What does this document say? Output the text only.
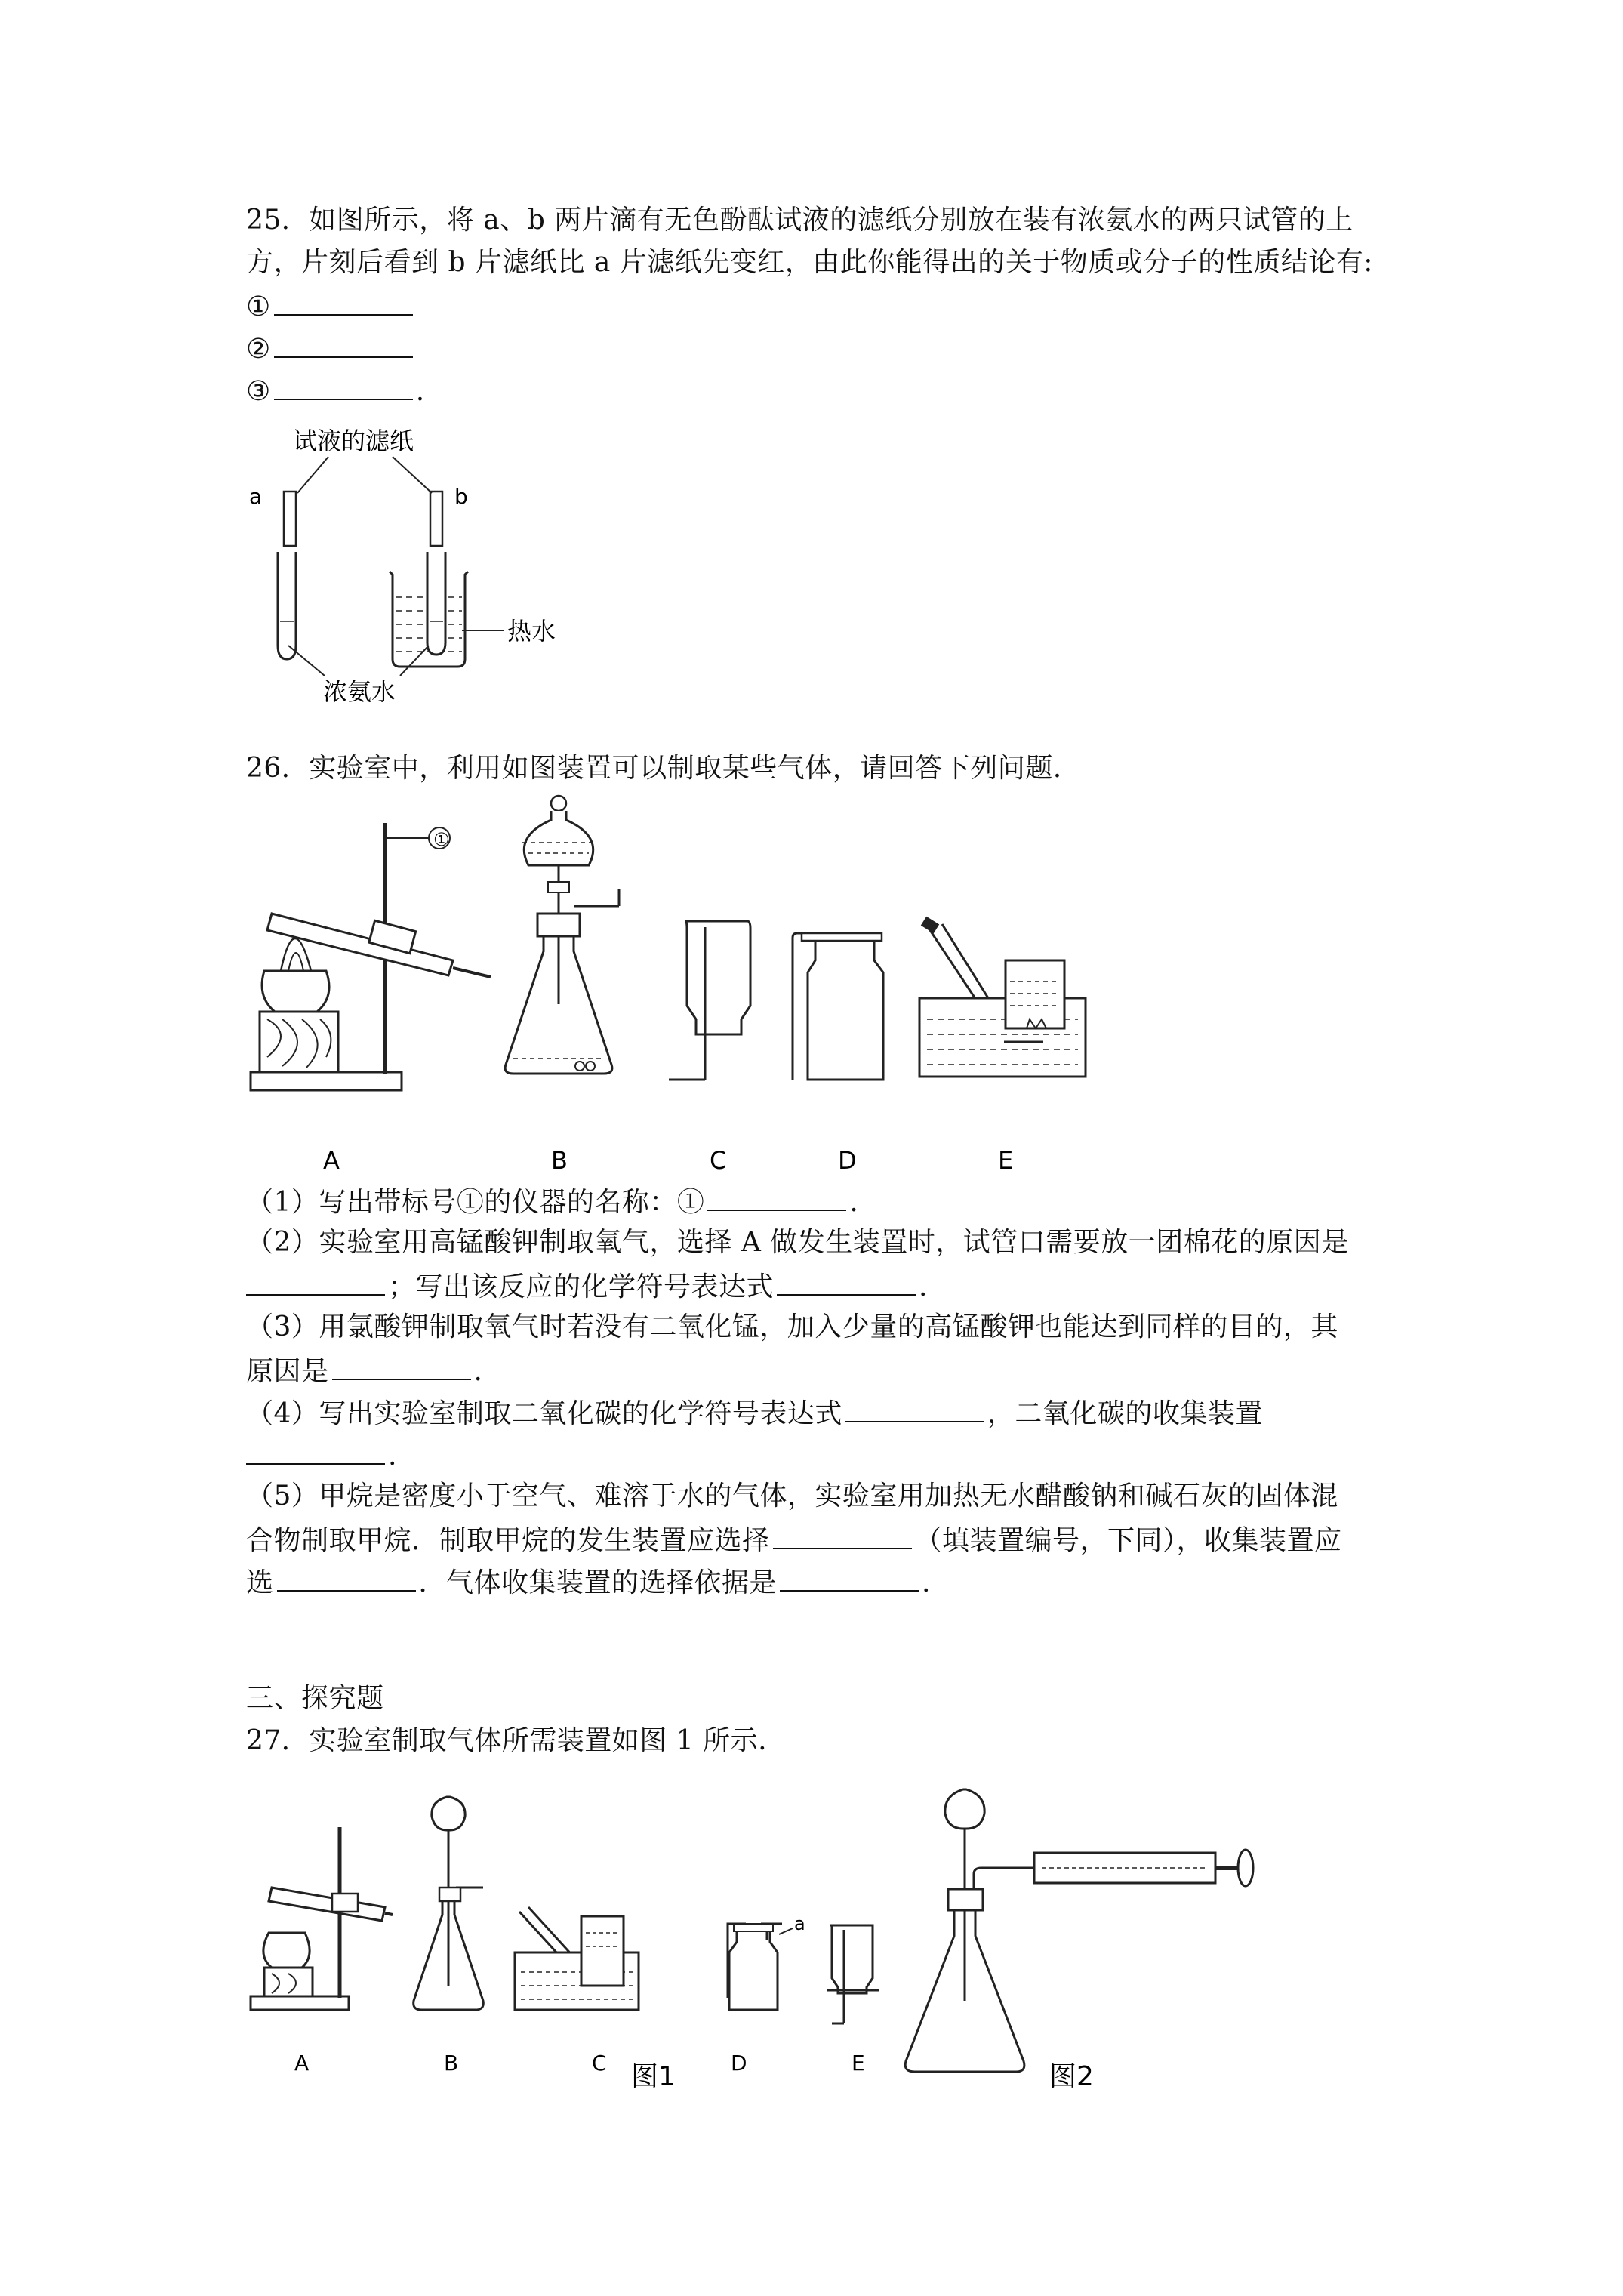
25．如图所示，将 a、b 两片滴有无色酚酞试液的滤纸分别放在装有浓氨水的两只试管的上
方，片刻后看到 b 片滤纸比 a 片滤纸先变红，由此你能得出的关于物质或分子的性质结论有:
①
②
③	.
试液的滤纸
a	b
热水
浓氨水
26．实验室中，利用如图装置可以制取某些气体，请回答下列问题.
①
A	B	C	D	E
（1）写出带标号①的仪器的名称：①	.
（2）实验室用高锰酸钾制取氧气，选择 A 做发生装置时，试管口需要放一团棉花的原因是
；写出该反应的化学符号表达式	.
（3）用氯酸钾制取氧气时若没有二氧化锰，加入少量的高锰酸钾也能达到同样的目的，其
原因是	.
（4）写出实验室制取二氧化碳的化学符号表达式	，二氧化碳的收集装置
.
（5）甲烷是密度小于空气、难溶于水的气体，实验室用加热无水醋酸钠和碱石灰的固体混
合物制取甲烷．制取甲烷的发生装置应选择	（填装置编号，下同），收集装置应
选	．气体收集装置的选择依据是	.
三、探究题
27．实验室制取气体所需装置如图 1 所示.
a
A	B	C	D	E
图1	图2
